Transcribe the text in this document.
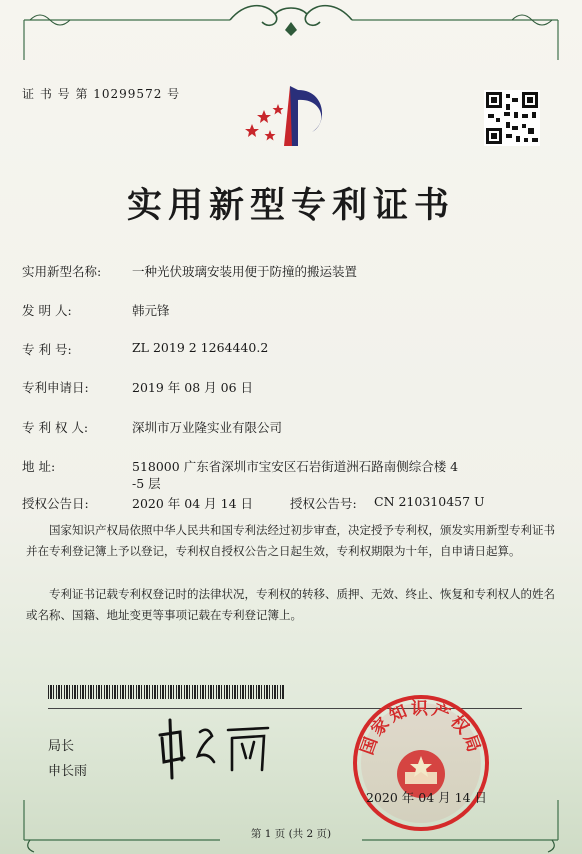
证 书 号 第 10299572 号
实用新型专利证书
实用新型名称: 一种光伏玻璃安装用便于防撞的搬运装置
发 明 人:	韩元锋
专 利 号:	ZL 2019 2 1264440.2
专利申请日:	2019 年 08 月 06 日
专 利 权 人:	深圳市万业隆实业有限公司
地 址:	518000 广东省深圳市宝安区石岩街道洲石路南侧综合楼 4
-5 层
授权公告日:	2020 年 04 月 14 日	授权公告号: CN 210310457 U
国家知识产权局依照中华人民共和国专利法经过初步审查，决定授予专利权，颁发实用新型专利证书并在专利登记簿上予以登记，专利权自授权公告之日起生效，专利权期限为十年，自申请日起算。
专利证书记载专利权登记时的法律状况，专利权的转移、质押、无效、终止、恢复和专利权人的姓名或名称、国籍、地址变更等事项记载在专利登记簿上。
局长
申长雨
国家知识产权局
2020 年 04 月 14 日
第 1 页 (共 2 页)
